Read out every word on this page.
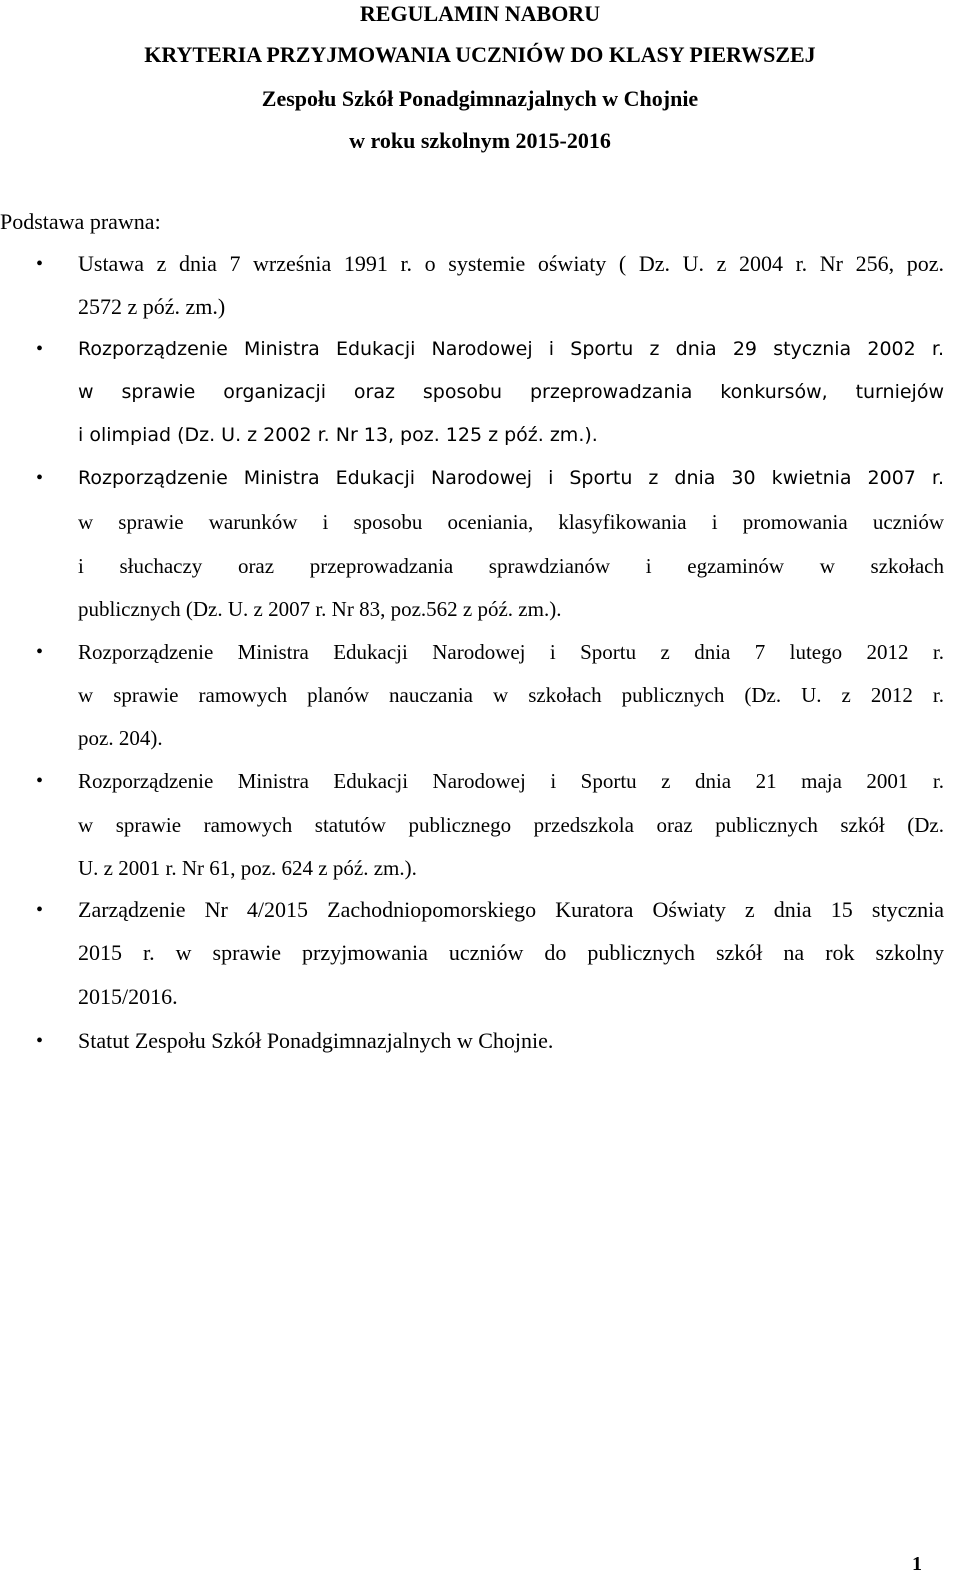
REGULAMIN NABORU
KRYTERIA PRZYJMOWANIA UCZNIÓW DO KLASY PIERWSZEJ
Zespołu Szkół Ponadgimnazjalnych w Chojnie
w roku szkolnym 2015-2016
Podstawa prawna:
• Ustawa z dnia 7 września 1991 r. o systemie oświaty ( Dz. U. z 2004 r. Nr 256, poz.
2572 z póź. zm.)
• Rozporządzenie Ministra Edukacji Narodowej i Sportu z dnia 29 stycznia 2002 r.
w sprawie organizacji oraz sposobu przeprowadzania konkursów, turniejów
i olimpiad (Dz. U. z 2002 r. Nr 13, poz. 125 z póź. zm.).
• Rozporządzenie Ministra Edukacji Narodowej i Sportu z dnia 30 kwietnia 2007 r.
w sprawie warunków i sposobu oceniania, klasyfikowania i promowania uczniów
i słuchaczy oraz przeprowadzania sprawdzianów i egzaminów w szkołach
publicznych (Dz. U. z 2007 r. Nr 83, poz.562 z póź. zm.).
• Rozporządzenie Ministra Edukacji Narodowej i Sportu z dnia 7 lutego 2012 r.
w sprawie ramowych planów nauczania w szkołach publicznych (Dz. U. z 2012 r.
poz. 204).
• Rozporządzenie Ministra Edukacji Narodowej i Sportu z dnia 21 maja 2001 r.
w sprawie ramowych statutów publicznego przedszkola oraz publicznych szkół (Dz.
U. z 2001 r. Nr 61, poz. 624 z póź. zm.).
• Zarządzenie Nr 4/2015 Zachodniopomorskiego Kuratora Oświaty z dnia 15 stycznia
2015 r. w sprawie przyjmowania uczniów do publicznych szkół na rok szkolny
2015/2016.
• Statut Zespołu Szkół Ponadgimnazjalnych w Chojnie.
1
